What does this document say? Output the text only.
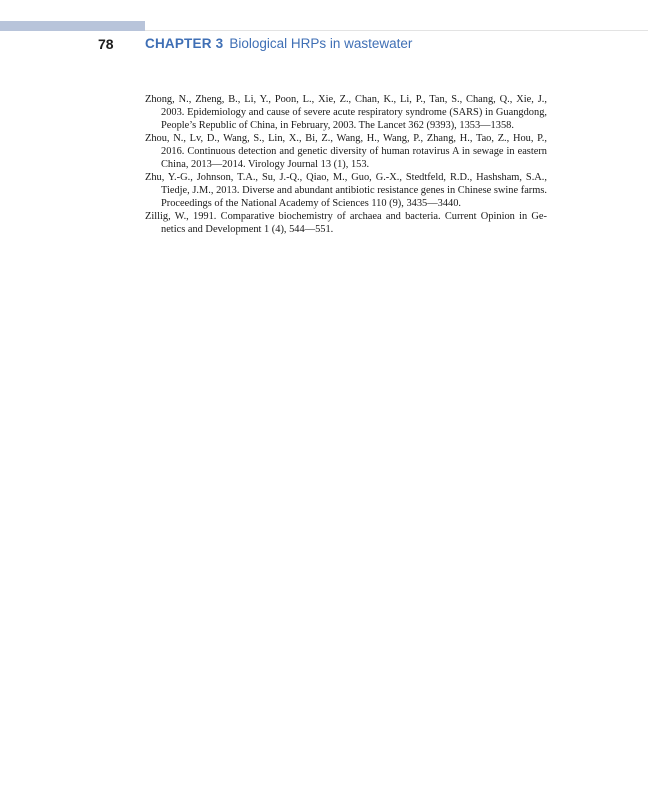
78 CHAPTER 3 Biological HRPs in wastewater
Zhong, N., Zheng, B., Li, Y., Poon, L., Xie, Z., Chan, K., Li, P., Tan, S., Chang, Q., Xie, J., 2003. Epidemiology and cause of severe acute respiratory syndrome (SARS) in Guangdong, People’s Republic of China, in February, 2003. The Lancet 362 (9393), 1353—1358.
Zhou, N., Lv, D., Wang, S., Lin, X., Bi, Z., Wang, H., Wang, P., Zhang, H., Tao, Z., Hou, P., 2016. Continuous detection and genetic diversity of human rotavirus A in sewage in eastern China, 2013—2014. Virology Journal 13 (1), 153.
Zhu, Y.-G., Johnson, T.A., Su, J.-Q., Qiao, M., Guo, G.-X., Stedtfeld, R.D., Hashsham, S.A., Tiedje, J.M., 2013. Diverse and abundant antibiotic resistance genes in Chinese swine farms. Proceedings of the National Academy of Sciences 110 (9), 3435—3440.
Zillig, W., 1991. Comparative biochemistry of archaea and bacteria. Current Opinion in Genetics and Development 1 (4), 544—551.
